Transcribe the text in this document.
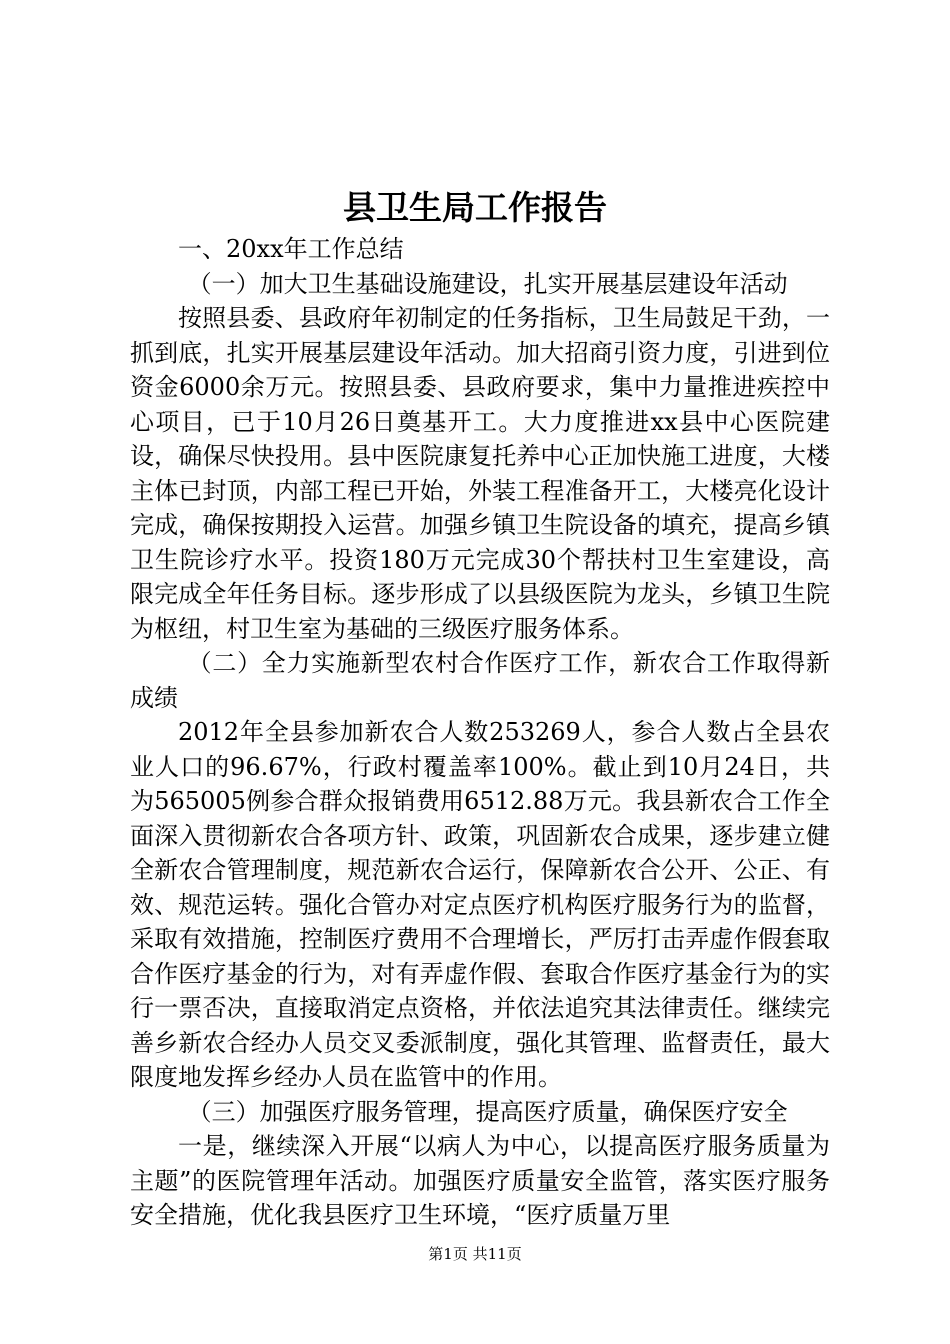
县卫生局工作报告

一、20xx年工作总结

（一）加大卫生基础设施建设，扎实开展基层建设年活动

按照县委、县政府年初制定的任务指标，卫生局鼓足干劲，一抓到底，扎实开展基层建设年活动。加大招商引资力度，引进到位资金6000余万元。按照县委、县政府要求，集中力量推进疾控中心项目，已于10月26日奠基开工。大力度推进xx县中心医院建设，确保尽快投用。县中医院康复托养中心正加快施工进度，大楼主体已封顶，内部工程已开始，外装工程准备开工，大楼亮化设计完成，确保按期投入运营。加强乡镇卫生院设备的填充，提高乡镇卫生院诊疗水平。投资180万元完成30个帮扶村卫生室建设，高限完成全年任务目标。逐步形成了以县级医院为龙头，乡镇卫生院为枢纽，村卫生室为基础的三级医疗服务体系。

（二）全力实施新型农村合作医疗工作，新农合工作取得新成绩

2012年全县参加新农合人数253269人，参合人数占全县农业人口的96.67%，行政村覆盖率100%。截止到10月24日，共为565005例参合群众报销费用6512.88万元。我县新农合工作全面深入贯彻新农合各项方针、政策，巩固新农合成果，逐步建立健全新农合管理制度，规范新农合运行，保障新农合公开、公正、有效、规范运转。强化合管办对定点医疗机构医疗服务行为的监督，采取有效措施，控制医疗费用不合理增长，严厉打击弄虚作假套取合作医疗基金的行为，对有弄虚作假、套取合作医疗基金行为的实行一票否决，直接取消定点资格，并依法追究其法律责任。继续完善乡新农合经办人员交叉委派制度，强化其管理、监督责任，最大限度地发挥乡经办人员在监管中的作用。

（三）加强医疗服务管理，提高医疗质量，确保医疗安全

一是，继续深入开展“以病人为中心，以提高医疗服务质量为主题”的医院管理年活动。加强医疗质量安全监管，落实医疗服务安全措施，优化我县医疗卫生环境，“医疗质量万里

第1页 共11页
